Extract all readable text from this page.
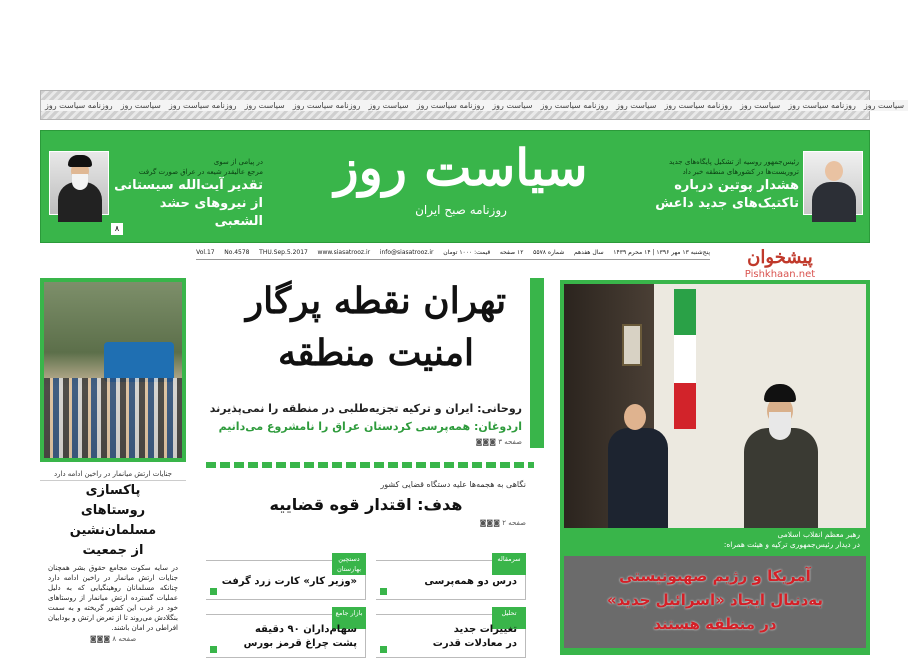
روزنامه سیاست روز	سیاست روز	روزنامه سیاست روز	سیاست روز	روزنامه سیاست روز	سیاست روز	روزنامه سیاست روز	سیاست روز	روزنامه سیاست روز	سیاست روز	روزنامه سیاست روز	سیاست روز	روزنامه سیاست روز	سیاست روز
در پیامی از سوی
مرجع عالیقدر شیعه در عراق صورت گرفت
تقدیر آیت‌الله سیستانی
از نیروهای حشد الشعبی
۸
سیاست روز
روزنامه صبح ایران
رئیس‌جمهور روسیه از تشکیل پایگاه‌های جدید
تروریست‌ها در کشورهای منطقه خبر داد
هشدار پوتین درباره
تاکتیک‌های جدید داعش
پنج‌شنبه ۱۳ مهر ۱۳۹۶ | ۱۴ محرم ۱۴۳۹
سال هفدهم
شماره ۵۵۷۸
۱۲ صفحه
قیمت: ۱۰۰۰ تومان
info@siasatrooz.ir
www.siasatrooz.ir
THU.Sep.5.2017
No.4578
Vol.17	پیشخوان
Pishkhaan.net
رهبر معظم انقلاب اسلامی
در دیدار رئیس‌جمهوری ترکیه و هیئت همراه:
آمریکا و رژیم صهیونیستی
به‌دنبال ایجاد «اسرائیل جدید»
در منطقه هستند
تهران نقطه پرگار
امنیت منطقه
روحانی: ایران و ترکیه تجزیه‌طلبی در منطقه را نمی‌پذیرند
اردوغان: همه‌پرسی کردستان عراق را نامشروع می‌دانیم
صفحه ۳ ◙◙◙
نگاهی به هجمه‌ها علیه دستگاه قضایی کشور
هدف: اقتدار قوه قضاییه
صفحه ۲ ◙◙◙
سرمقاله
درس دو همه‌پرسی
دستچین بهارستان
«وزیر کار» کارت زرد گرفت
تحلیل
تغییرات جدید
در معادلات قدرت
بازار جامع
سهام‌داران ۹۰ دقیقه
پشت چراغ قرمز بورس
جنایات ارتش میانمار در راخین ادامه دارد
پاکسازی
روستاهای مسلمان‌نشین
از جمعیت
در سایه سکوت مجامع حقوق بشر همچنان جنایات ارتش میانمار در راخین ادامه دارد چنانکه مسلمانان روهینگیایی که به دلیل عملیات گسترده ارتش میانمار از روستاهای خود در غرب این کشور گریخته و به سمت بنگلادش می‌روند تا از تعرض ارتش و بوداییان افراطی در امان باشند.
صفحه ۸ ◙◙◙
